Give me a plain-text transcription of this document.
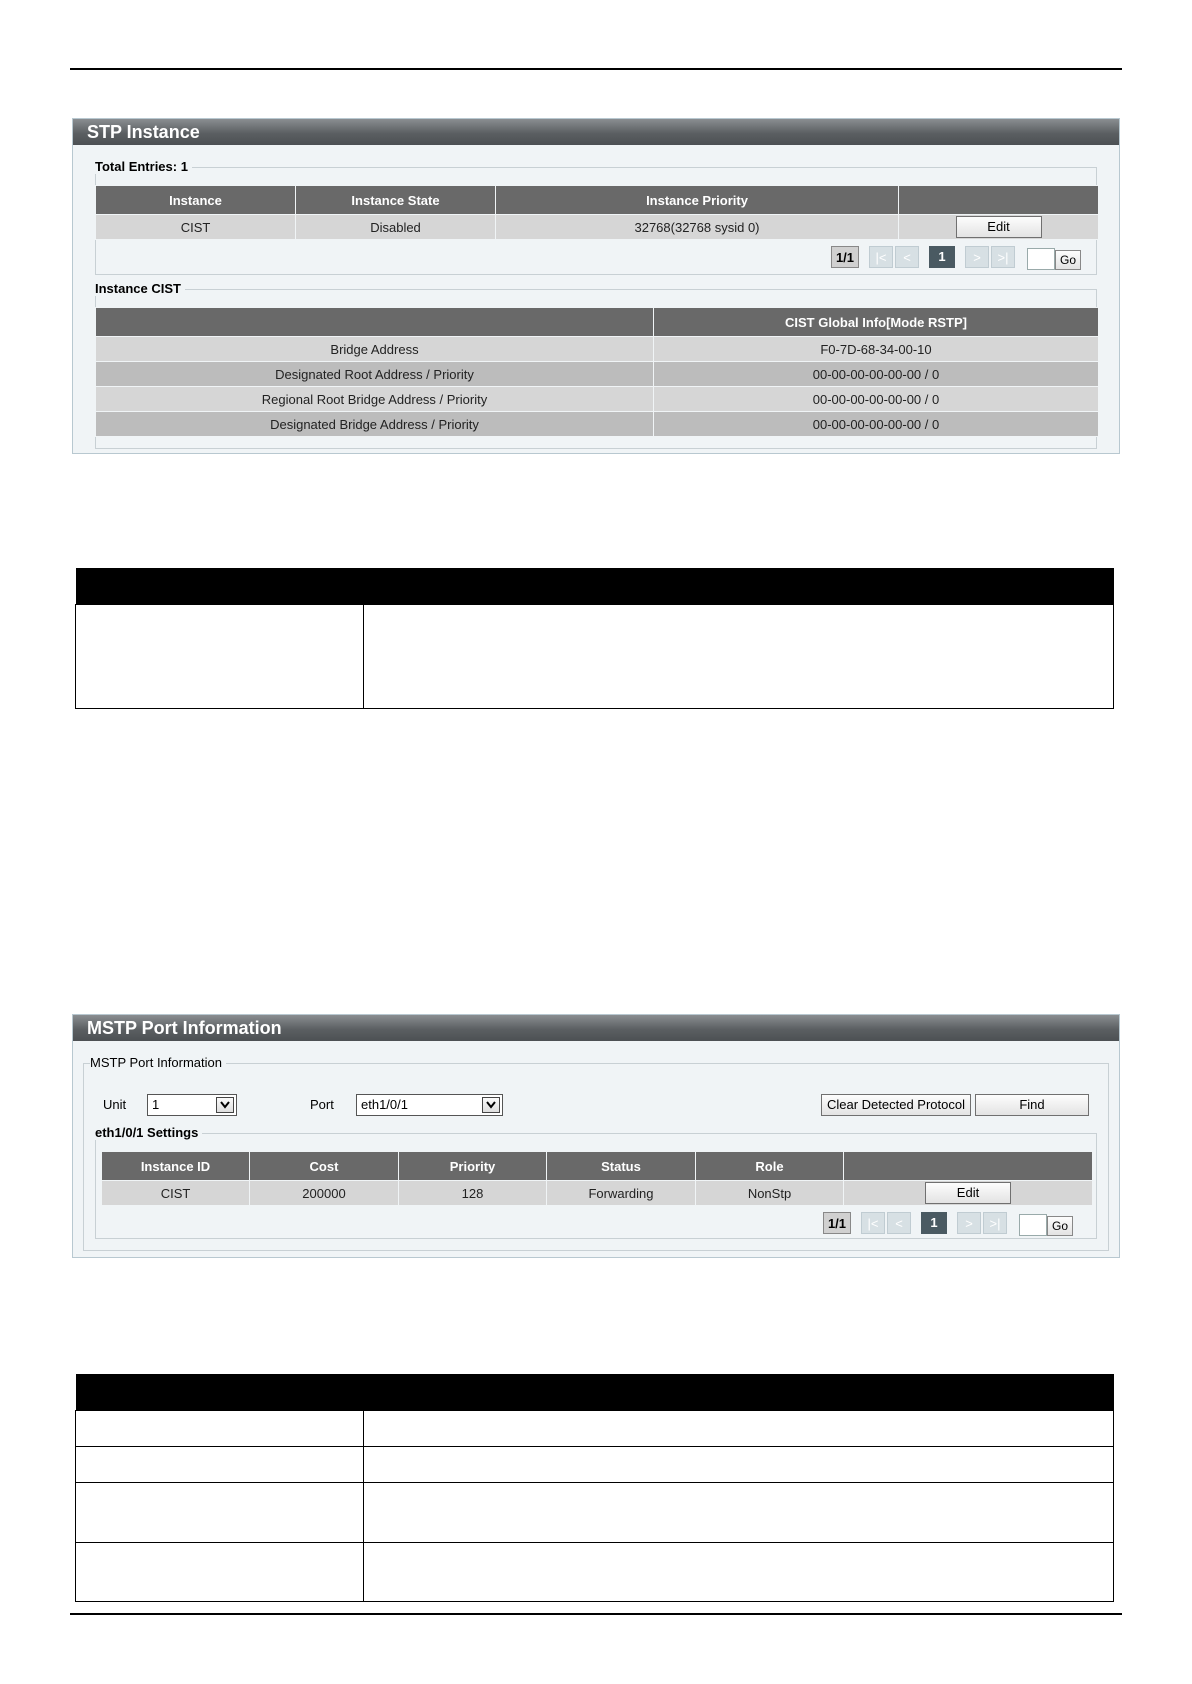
STP Instance
Total Entries: 1
Instance	Instance State	Instance Priority	
CIST	Disabled	32768(32768 sysid 0)	Edit
1/1	|<	<	1	>	>|	Go
Instance CIST
	CIST Global Info[Mode RSTP]
Bridge Address	F0-7D-68-34-00-10
Designated Root Address / Priority	00-00-00-00-00-00 / 0
Regional Root Bridge Address / Priority	00-00-00-00-00-00 / 0
Designated Bridge Address / Priority	00-00-00-00-00-00 / 0

MSTP Port Information
MSTP Port Information
Unit	1	Port	eth1/0/1	Clear Detected Protocol	Find
eth1/0/1 Settings
Instance ID	Cost	Priority	Status	Role	
CIST	200000	128	Forwarding	NonStp	Edit
1/1	|<	<	1	>	>|	Go
